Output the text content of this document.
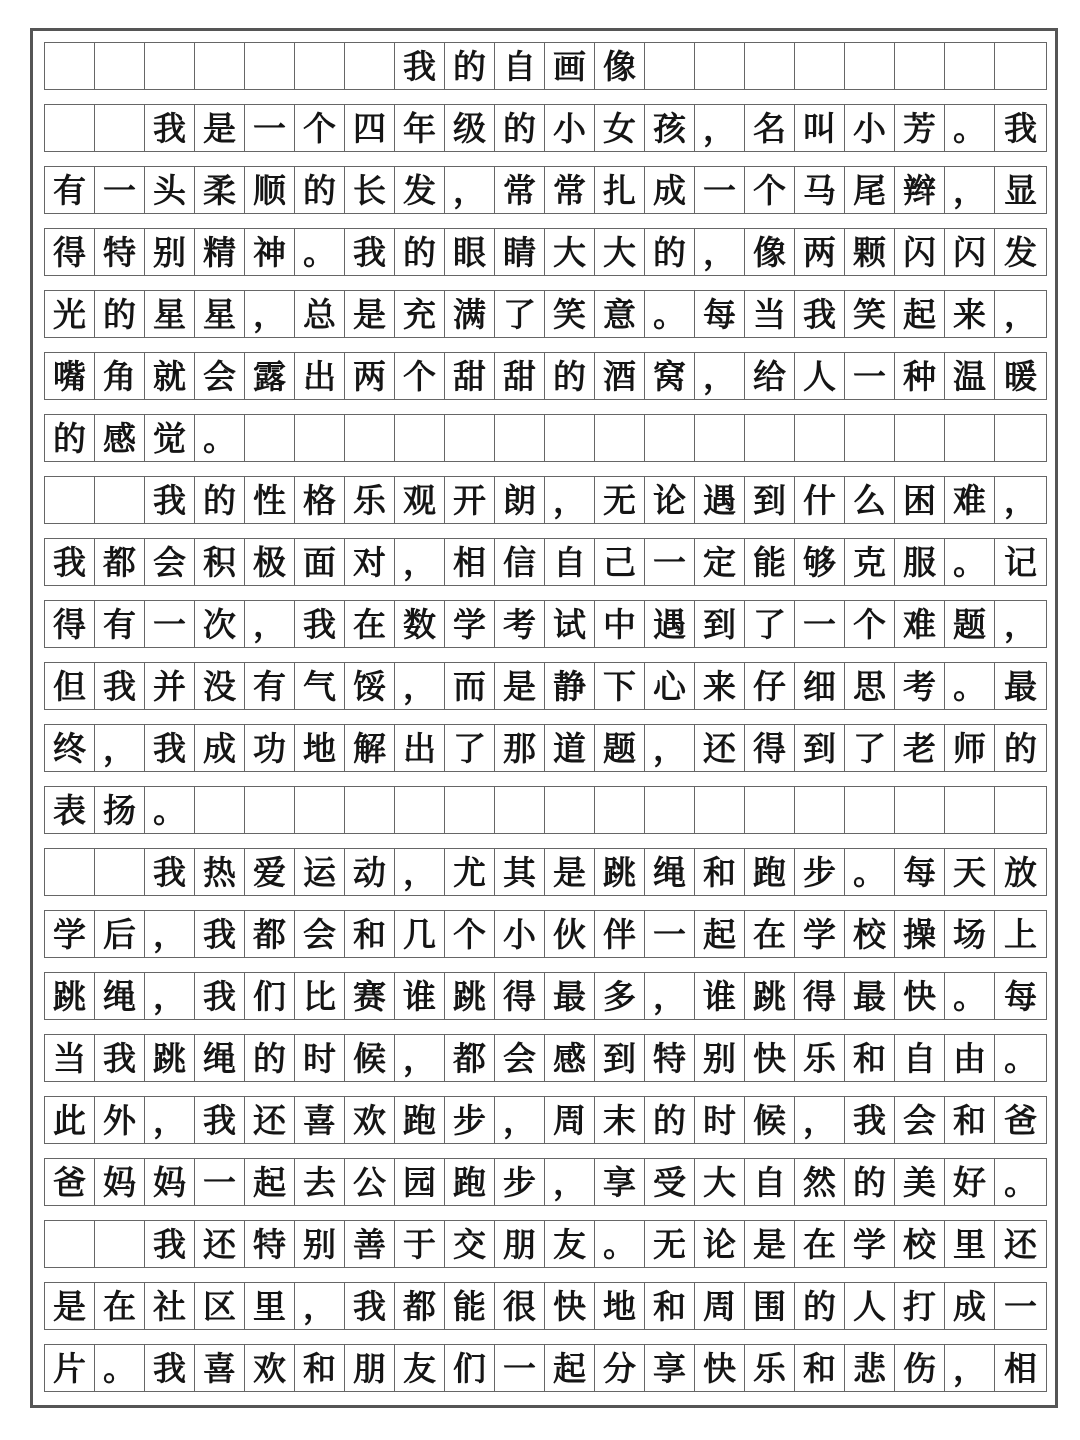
我 的 自 画 像
我 是 一 个 四 年 级 的 小 女 孩 ， 名 叫 小 芳 。 我
有 一 头 柔 顺 的 长 发 ， 常 常 扎 成 一 个 马 尾 辫 ， 显
得 特 别 精 神 。 我 的 眼 睛 大 大 的 ， 像 两 颗 闪 闪 发
光 的 星 星 ， 总 是 充 满 了 笑 意 。 每 当 我 笑 起 来 ，
嘴 角 就 会 露 出 两 个 甜 甜 的 酒 窝 ， 给 人 一 种 温 暖
的 感 觉 。
我 的 性 格 乐 观 开 朗 ， 无 论 遇 到 什 么 困 难 ，
我 都 会 积 极 面 对 ， 相 信 自 己 一 定 能 够 克 服 。 记
得 有 一 次 ， 我 在 数 学 考 试 中 遇 到 了 一 个 难 题 ，
但 我 并 没 有 气 馁 ， 而 是 静 下 心 来 仔 细 思 考 。 最
终 ， 我 成 功 地 解 出 了 那 道 题 ， 还 得 到 了 老 师 的
表 扬 。
我 热 爱 运 动 ， 尤 其 是 跳 绳 和 跑 步 。 每 天 放
学 后 ， 我 都 会 和 几 个 小 伙 伴 一 起 在 学 校 操 场 上
跳 绳 ， 我 们 比 赛 谁 跳 得 最 多 ， 谁 跳 得 最 快 。 每
当 我 跳 绳 的 时 候 ， 都 会 感 到 特 别 快 乐 和 自 由 。
此 外 ， 我 还 喜 欢 跑 步 ， 周 末 的 时 候 ， 我 会 和 爸
爸 妈 妈 一 起 去 公 园 跑 步 ， 享 受 大 自 然 的 美 好 。
我 还 特 别 善 于 交 朋 友 。 无 论 是 在 学 校 里 还
是 在 社 区 里 ， 我 都 能 很 快 地 和 周 围 的 人 打 成 一
片 。 我 喜 欢 和 朋 友 们 一 起 分 享 快 乐 和 悲 伤 ， 相
